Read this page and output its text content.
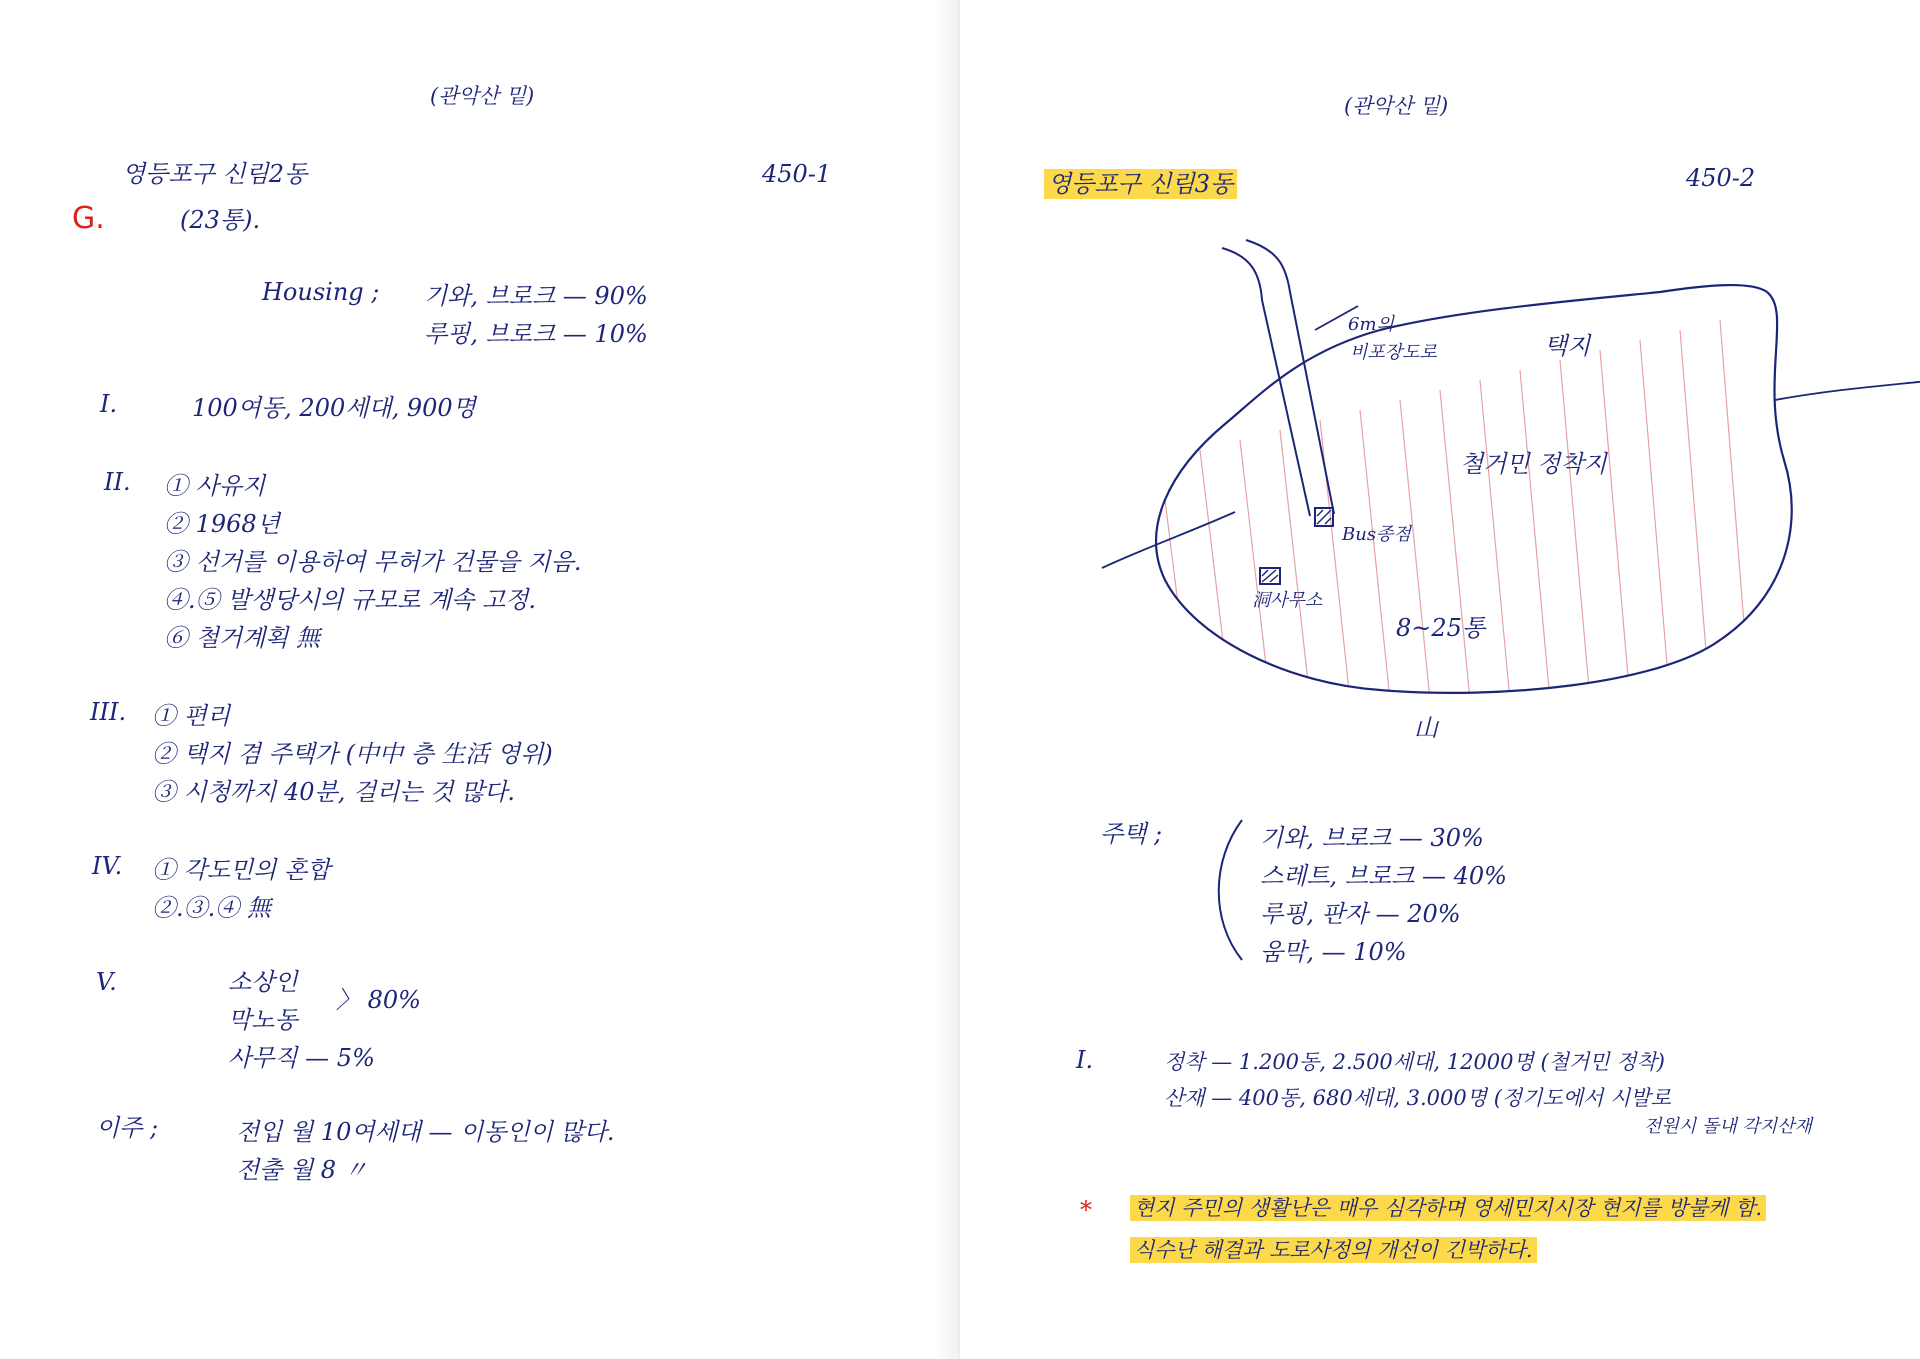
(관악산 밑)
영등포구 신림2동	450-1
G.	(23통).
Housing ; 기와, 브로크 — 90%
루핑, 브로크 — 10%
I.	100여동, 200세대, 900명
II. ① 사유지
② 1968년
③ 선거를 이용하여 무허가 건물을 지음.
④.⑤ 발생당시의 규모로 계속 고정.
⑥ 철거계획 無
III. ① 편리
② 택지 겸 주택가 (中中 층 生活 영위)
③ 시청까지 40분, 걸리는 것 많다.
IV. ① 각도민의 혼합
②.③.④ 無
V.	소상인
막노동
〉 80%
사무직 — 5%
이주 ;	전입 월 10여세대 — 이동인이 많다.
전출 월 8 〃
(관악산 밑)
영등포구 신림3동	450-2
6m의
비포장도로	택지
철거민 정착지
Bus종점
洞사무소
8~25통
山
주택 ;	기와, 브로크 — 30%
스레트, 브로크 — 40%
루핑, 판자 — 20%
움막, — 10%
I.	정착 — 1.200동, 2.500세대, 12000명 (철거민 정착)
산재 — 400동, 680세대, 3.000명 (정기도에서 시발로
전원시 돌내 각지산재
* 현지 주민의 생활난은 매우 심각하며 영세민지시장 현지를 방불케 함.
식수난 해결과 도로사정의 개선이 긴박하다.
